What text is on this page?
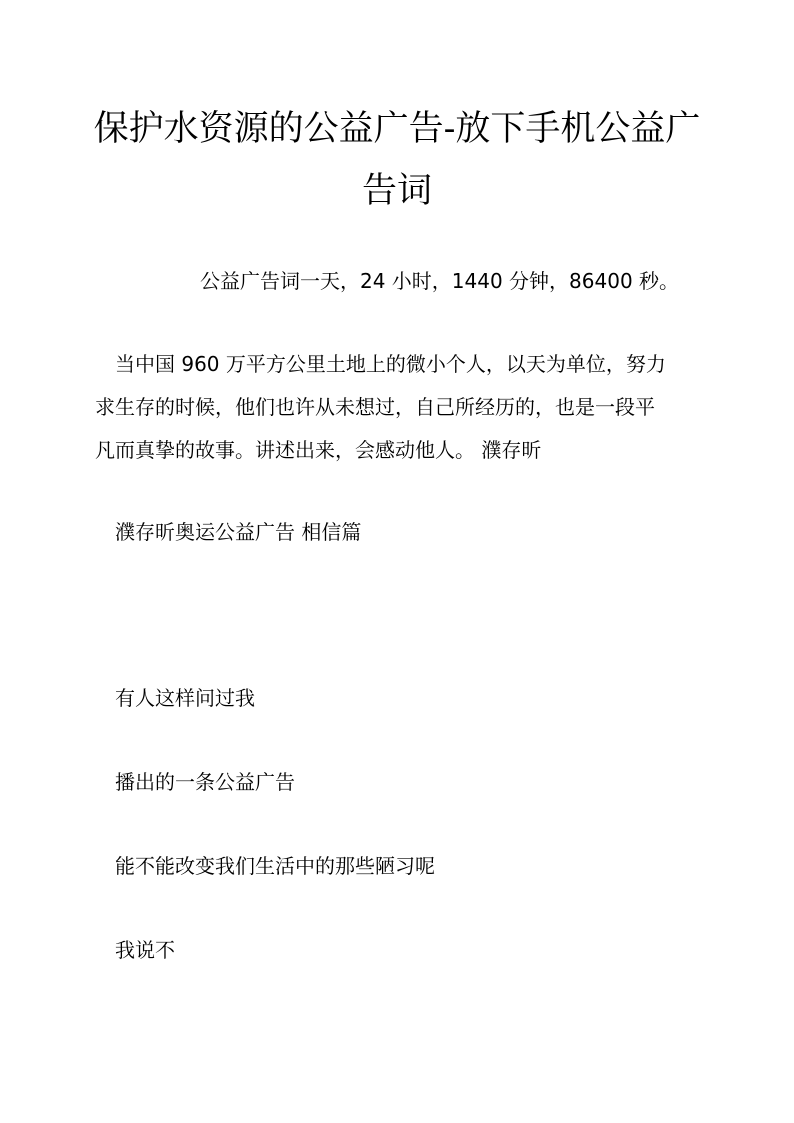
保护水资源的公益广告-放下手机公益广
告词

公益广告词一天，24 小时，1440 分钟，86400 秒。

当中国 960 万平方公里土地上的微小个人，以天为单位，努力
求生存的时候，他们也许从未想过，自己所经历的，也是一段平
凡而真挚的故事。讲述出来，会感动他人。 濮存昕

濮存昕奥运公益广告 相信篇

有人这样问过我

播出的一条公益广告

能不能改变我们生活中的那些陋习呢

我说不
